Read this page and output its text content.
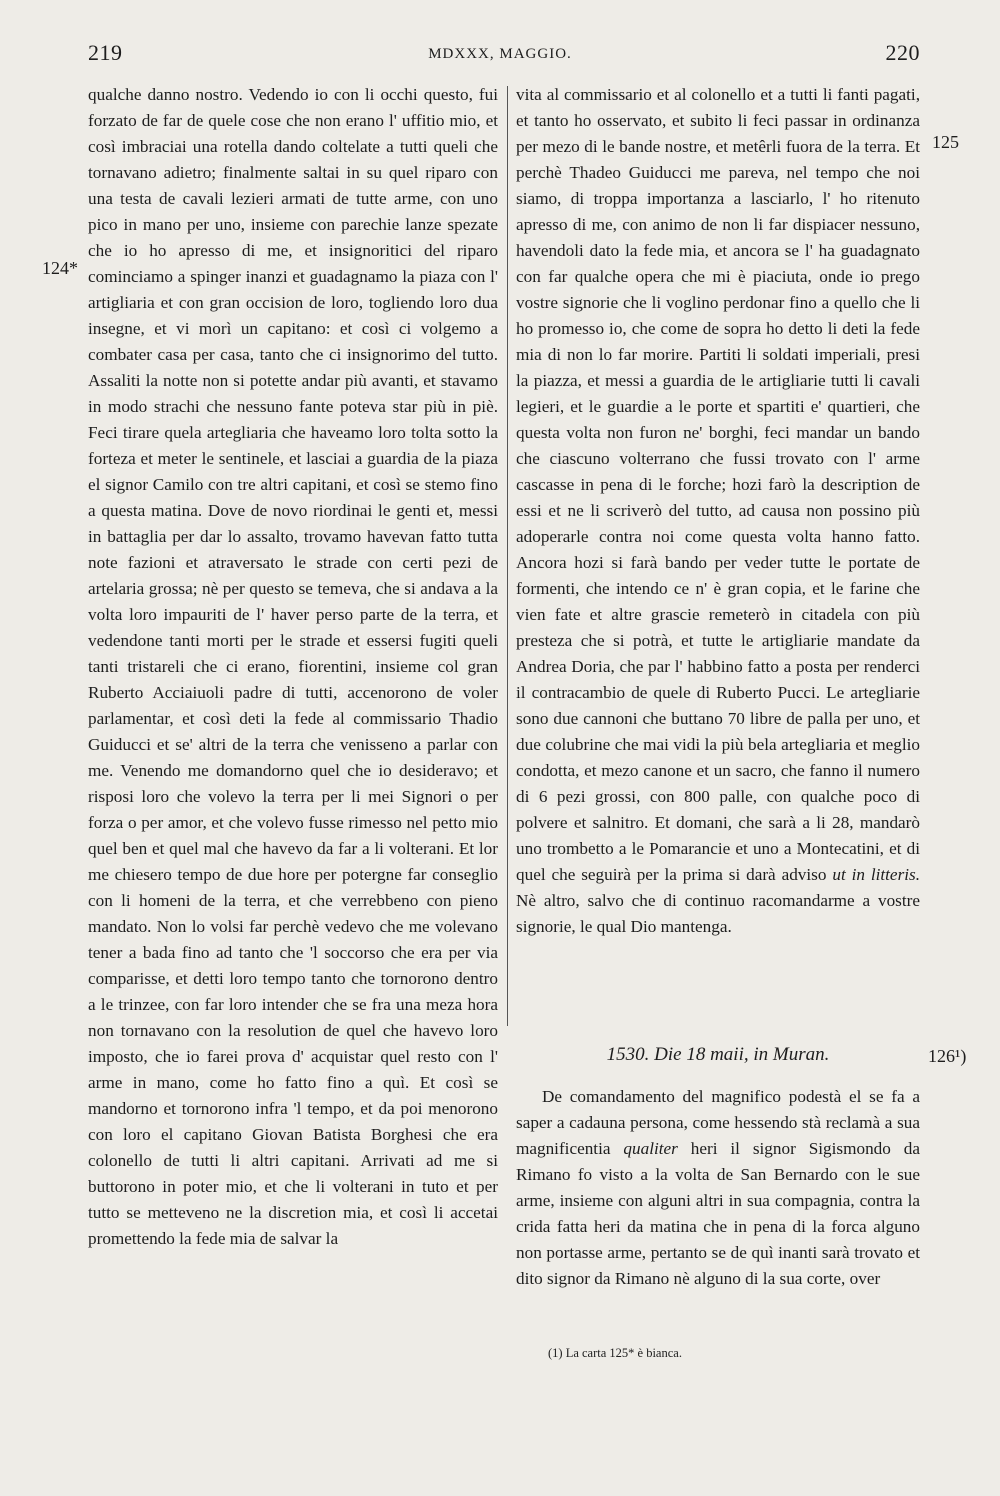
219	MDXXX, MAGGIO.	220
124*
125
126¹)

qualche danno nostro. Vedendo io con li occhi questo, fui forzato de far de quele cose che non erano l' uffitio mio, et così imbraciai una rotella dando coltelate a tutti queli che tornavano adietro; finalmente saltai in su quel riparo con una testa de cavali lezieri armati de tutte arme, con uno pico in mano per uno, insieme con parechie lanze spezate che io ho apresso di me, et insignoritici del riparo cominciamo a spinger inanzi et guadagnamo la piaza con l' artigliaria et con gran occision de loro, togliendo loro dua insegne, et vi morì un capitano: et così ci volgemo a combater casa per casa, tanto che ci insignorimo del tutto. Assaliti la notte non si potette andar più avanti, et stavamo in modo strachi che nessuno fante poteva star più in piè. Feci tirare quela artegliaria che haveamo loro tolta sotto la forteza et meter le sentinele, et lasciai a guardia de la piaza el signor Camilo con tre altri capitani, et così se stemo fino a questa matina. Dove de novo riordinai le genti et, messi in battaglia per dar lo assalto, trovamo havevan fatto tutta note fazioni et atraversato le strade con certi pezi de artelaria grossa; nè per questo se temeva, che si andava a la volta loro impauriti de l' haver perso parte de la terra, et vedendone tanti morti per le strade et essersi fugiti queli tanti tristareli che ci erano, fiorentini, insieme col gran Ruberto Acciaiuoli padre di tutti, accenorono de voler parlamentar, et così deti la fede al commissario Thadio Guiducci et se' altri de la terra che venisseno a parlar con me. Venendo me domandorno quel che io desideravo; et risposi loro che volevo la terra per li mei Signori o per forza o per amor, et che volevo fusse rimesso nel petto mio quel ben et quel mal che havevo da far a li volterani. Et lor me chiesero tempo de due hore per potergne far conseglio con li homeni de la terra, et che verrebbeno con pieno mandato. Non lo volsi far perchè vedevo che me volevano tener a bada fino ad tanto che 'l soccorso che era per via comparisse, et detti loro tempo tanto che tornorono dentro a le trinzee, con far loro intender che se fra una meza hora non tornavano con la resolution de quel che havevo loro imposto, che io farei prova d' acquistar quel resto con l' arme in mano, come ho fatto fino a quì. Et così se mandorno et tornorono infra 'l tempo, et da poi menorono con loro el capitano Giovan Batista Borghesi che era colonello de tutti li altri capitani. Arrivati ad me si buttorono in poter mio, et che li volterani in tuto et per tutto se metteveno ne la discretion mia, et così li accetai promettendo la fede mia de salvar la

vita al commissario et al colonello et a tutti li fanti pagati, et tanto ho osservato, et subito li feci passar in ordinanza per mezo di le bande nostre, et metêrli fuora de la terra. Et perchè Thadeo Guiducci me pareva, nel tempo che noi siamo, di troppa importanza a lasciarlo, l' ho ritenuto apresso di me, con animo de non li far dispiacer nessuno, havendoli dato la fede mia, et ancora se l' ha guadagnato con far qualche opera che mi è piaciuta, onde io prego vostre signorie che li voglino perdonar fino a quello che li ho promesso io, che come de sopra ho detto li deti la fede mia di non lo far morire. Partiti li soldati imperiali, presi la piazza, et messi a guardia de le artigliarie tutti li cavali legieri, et le guardie a le porte et spartiti e' quartieri, che questa volta non furon ne' borghi, feci mandar un bando che ciascuno volterrano che fussi trovato con l' arme cascasse in pena di le forche; hozi farò la description de essi et ne li scriverò del tutto, ad causa non possino più adoperarle contra noi come questa volta hanno fatto. Ancora hozi si farà bando per veder tutte le portate de formenti, che intendo ce n' è gran copia, et le farine che vien fate et altre grascie remeterò in citadela con più presteza che si potrà, et tutte le artigliarie mandate da Andrea Doria, che par l' habbino fatto a posta per renderci il contracambio de quele di Ruberto Pucci. Le artegliarie sono due cannoni che buttano 70 libre de palla per uno, et due colubrine che mai vidi la più bela artegliaria et meglio condotta, et mezo canone et un sacro, che fanno il numero di 6 pezi grossi, con 800 palle, con qualche poco di polvere et salnitro. Et domani, che sarà a li 28, mandarò uno trombetto a le Pomarancie et uno a Montecatini, et di quel che seguirà per la prima si darà adviso ut in litteris. Nè altro, salvo che di continuo racomandarme a vostre signorie, le qual Dio mantenga.

1530. Die 18 maii, in Muran.

De comandamento del magnifico podestà el se fa a saper a cadauna persona, come hessendo stà reclamà a sua magnificentia qualiter heri il signor Sigismondo da Rimano fo visto a la volta de San Bernardo con le sue arme, insieme con alguni altri in sua compagnia, contra la crida fatta heri da matina che in pena di la forca alguno non portasse arme, pertanto se de quì inanti sarà trovato et dito signor da Rimano nè alguno di la sua corte, over

(1) La carta 125* è bianca.
